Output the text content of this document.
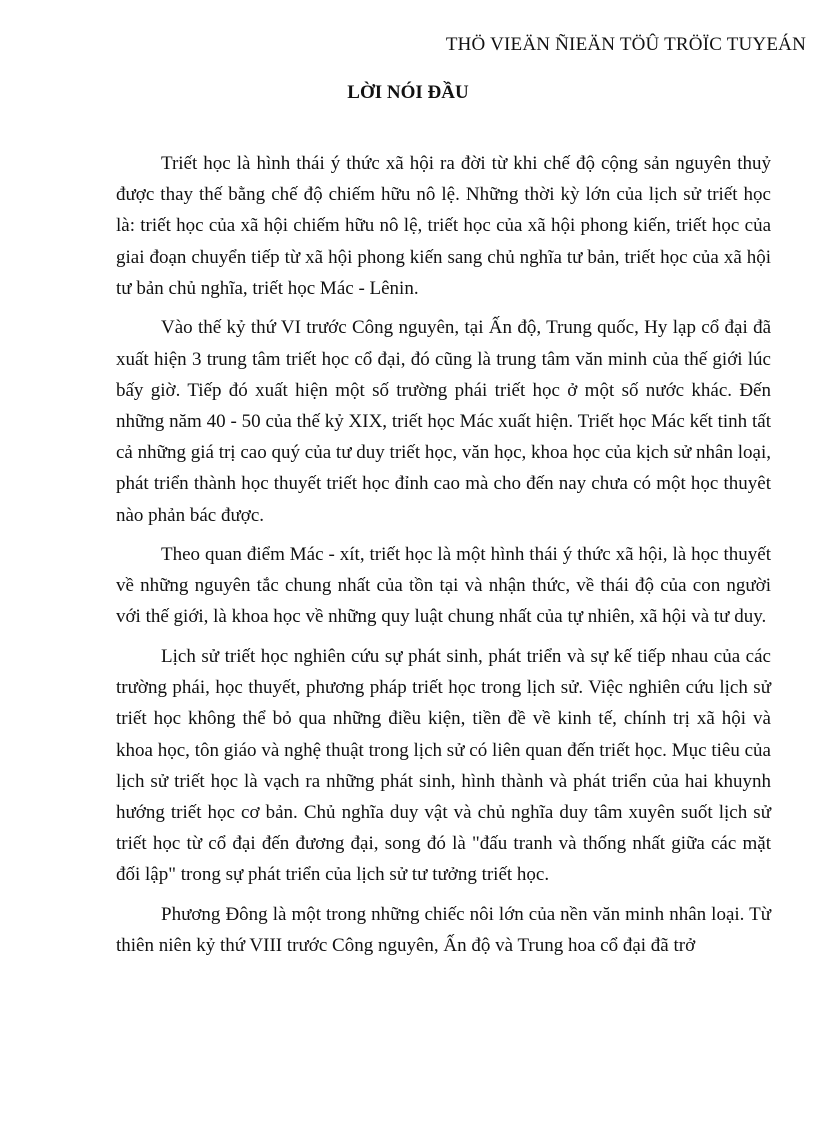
THÖ VIEÄN ÑIEÄN TÖÛ TRÖÏC TUYEÁN
LỜI NÓI ĐẦU

Triết học là hình thái ý thức xã hội ra đời từ khi chế độ cộng sản nguyên thuỷ được thay thế bằng chế độ chiếm hữu nô lệ. Những thời kỳ lớn của lịch sử triết học là: triết học của xã hội chiếm hữu nô lệ, triết học của xã hội phong kiến, triết học của giai đoạn chuyển tiếp từ xã hội phong kiến sang chủ nghĩa tư bản, triết học của xã hội tư bản chủ nghĩa, triết học Mác - Lênin.

Vào thế kỷ thứ VI trước Công nguyên, tại Ấn độ, Trung quốc, Hy lạp cổ đại đã xuất hiện 3 trung tâm triết học cổ đại, đó cũng là trung tâm văn minh của thế giới lúc bấy giờ. Tiếp đó xuất hiện một số trường phái triết học ở một số nước khác. Đến những năm 40 - 50 của thế kỷ XIX, triết học Mác xuất hiện. Triết học Mác kết tinh tất cả những giá trị cao quý của tư duy triết học, văn học, khoa học của kịch sử nhân loại, phát triển thành học thuyết triết học đỉnh cao mà cho đến nay chưa có một học thuyêt nào phản bác được.

Theo quan điểm Mác - xít, triết học là một hình thái ý thức xã hội, là học thuyết về những nguyên tắc chung nhất của tồn tại và nhận thức, về thái độ của con người với thế giới, là khoa học về những quy luật chung nhất của tự nhiên, xã hội và tư duy.

Lịch sử triết học nghiên cứu sự phát sinh, phát triển và sự kế tiếp nhau của các trường phái, học thuyết, phương pháp triết học trong lịch sử. Việc nghiên cứu lịch sử triết học không thể bỏ qua những điều kiện, tiền đề về kinh tế, chính trị xã hội và khoa học, tôn giáo và nghệ thuật trong lịch sử có liên quan đến triết học. Mục tiêu của lịch sử triết học là vạch ra những phát sinh, hình thành và phát triển của hai khuynh hướng triết học cơ bản. Chủ nghĩa duy vật và chủ nghĩa duy tâm xuyên suốt lịch sử triết học từ cổ đại đến đương đại, song đó là "đấu tranh và thống nhất giữa các mặt đối lập" trong sự phát triển của lịch sử tư tưởng triết học.

Phương Đông là một trong những chiếc nôi lớn của nền văn minh nhân loại. Từ thiên niên kỷ thứ VIII trước Công nguyên, Ấn độ và Trung hoa cổ đại đã trở
